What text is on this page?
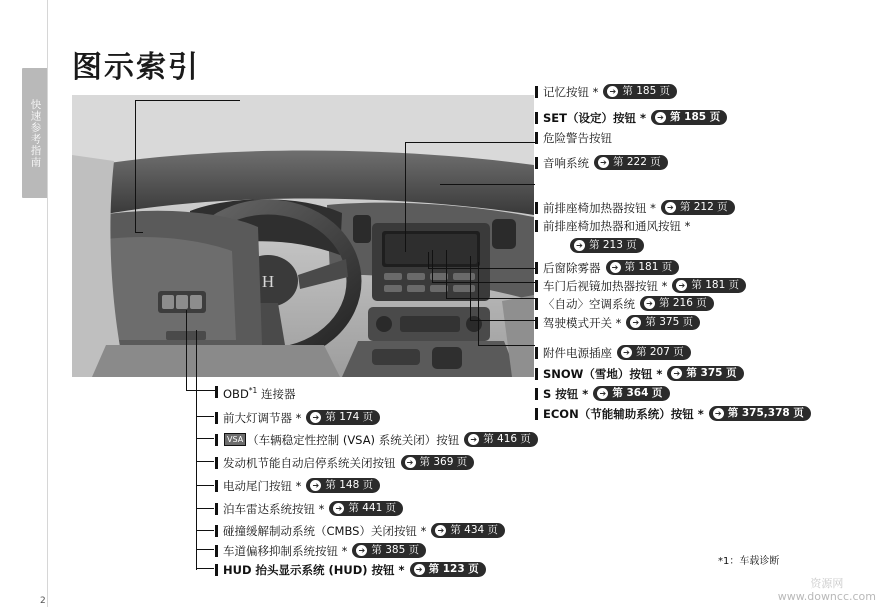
快速参考指南
2
图示索引
H
记忆按钮 * ➔ 第 185 页
SET（设定）按钮 * ➔ 第 185 页
危险警告按钮
音响系统 ➔ 第 222 页
前排座椅加热器按钮 * ➔ 第 212 页
前排座椅加热器和通风按钮 *
➔ 第 213 页
后窗除雾器 ➔ 第 181 页
车门后视镜加热器按钮 * ➔ 第 181 页
〈自动〉空调系统 ➔ 第 216 页
驾驶模式开关 * ➔ 第 375 页
附件电源插座 ➔ 第 207 页
SNOW（雪地）按钮 * ➔ 第 375 页
S 按钮 * ➔ 第 364 页
ECON（节能辅助系统）按钮 * ➔ 第 375,378 页
OBD$^{*1}$ 连接器
前大灯调节器 * ➔ 第 174 页
VSA （车辆稳定性控制 (VSA) 系统关闭）按钮 ➔ 第 416 页
发动机节能自动启停系统关闭按钮 ➔ 第 369 页
电动尾门按钮 * ➔ 第 148 页
泊车雷达系统按钮 * ➔ 第 441 页
碰撞缓解制动系统（CMBS）关闭按钮 * ➔ 第 434 页
车道偏移抑制系统按钮 * ➔ 第 385 页
HUD 抬头显示系统 (HUD) 按钮 * ➔ 第 123 页
*1：车载诊断
资源网
www.downcc.com
